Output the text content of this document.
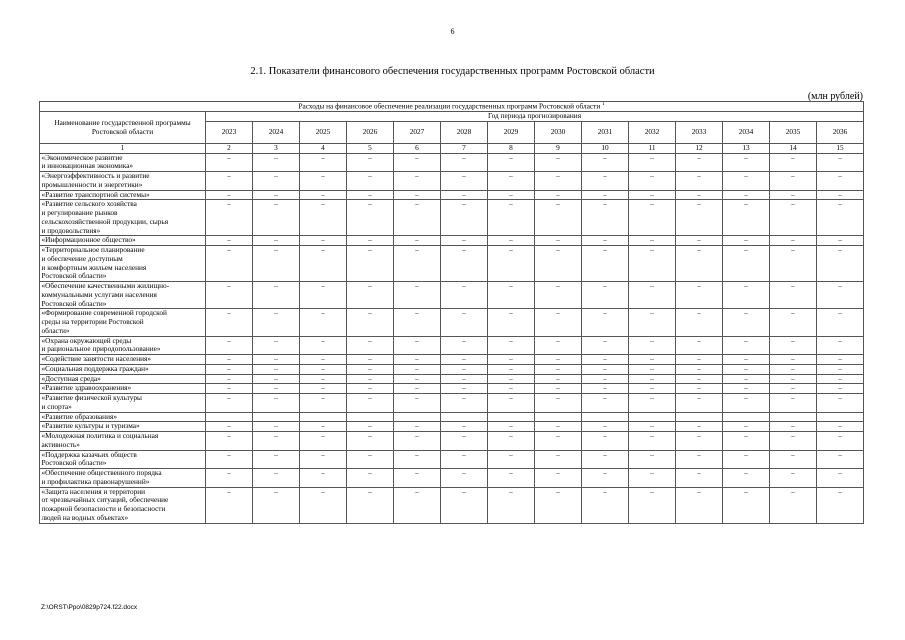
6
2.1. Показатели финансового обеспечения государственных программ Ростовской области
(млн рублей)
Расходы на финансовое обеспечение реализации государственных программ Ростовской области $^1$
Наименование государственной программы Ростовской области	Год периода прогнозирования													
	2023	2024	2025	2026	2027	2028	2029	2030	2031	2032	2033	2034	2035	2036
1	2	3	4	5	6	7	8	9	10	11	12	13	14	15
«Экономическое развитие
и инновационная экономика»	–	–	–	–	–	–	–	–	–	–	–	–	–	–
«Энергоэффективность и развитие
промышленности и энергетики»	–	–	–	–	–	–	–	–	–	–	–	–	–	–
«Развитие транспортной системы»	–	–	–	–	–	–	–	–	–	–	–	–	–	–
«Развитие сельского хозяйства
и регулирование рынков
сельскохозяйственной продукции, сырья
и продовольствия»	–	–	–	–	–	–	–	–	–	–	–	–	–	–
«Информационное общество»	–	–	–	–	–	–	–	–	–	–	–	–	–	–
«Территориальное планирование
и обеспечение доступным
и комфортным жильем населения
Ростовской области»	–	–	–	–	–	–	–	–	–	–	–	–	–	–
«Обеспечение качественными жилищно-
коммунальными услугами населения
Ростовской области»	–	–	–	–	–	–	–	–	–	–	–	–	–	–
«Формирование современной городской
среды на территории Ростовской
области»	–	–	–	–	–	–	–	–	–	–	–	–	–	–
«Охрана окружающей среды
и рациональное природопользование»	–	–	–	–	–	–	–	–	–	–	–	–	–	–
«Содействие занятости населения»	–	–	–	–	–	–	–	–	–	–	–	–	–	–
«Социальная поддержка граждан»	–	–	–	–	–	–	–	–	–	–	–	–	–	–
«Доступная среда»	–	–	–	–	–	–	–	–	–	–	–	–	–	–
«Развитие здравоохранения»	–	–	–	–	–	–	–	–	–	–	–	–	–	–
«Развитие физической культуры
и спорта»	–	–	–	–	–	–	–	–	–	–	–	–	–	–
«Развитие образования»														
«Развитие культуры и туризма»	–	–	–	–	–	–	–	–	–	–	–	–	–	–
«Молодежная политика и социальная
активность»	–	–	–	–	–	–	–	–	–	–	–	–	–	–
«Поддержка казачьих обществ
Ростовской области»	–	–	–	–	–	–	–	–	–	–	–	–	–	–
«Обеспечение общественного порядка
и профилактика правонарушений»	–	–	–	–	–	–	–	–	–	–	–	–	–	–
«Защита населения и территории
от чрезвычайных ситуаций, обеспечение
пожарной безопасности и безопасности
людей на водных объектах»	–	–	–	–	–	–	–	–	–	–	–	–	–	–
Z:\ORST\Ppo\0829p724.f22.docx
